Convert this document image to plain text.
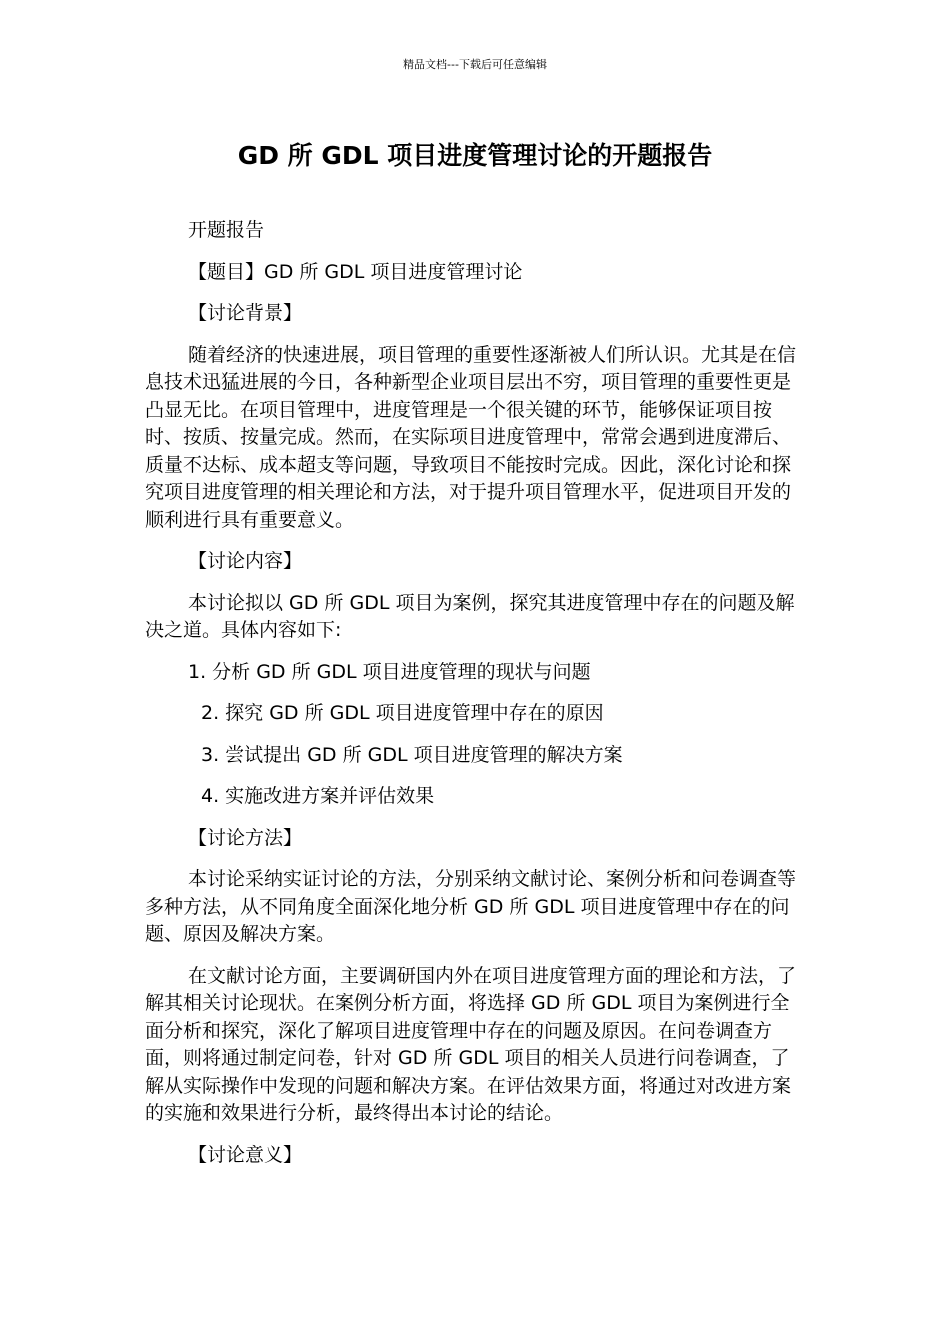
精品文档---下载后可任意编辑
GD 所 GDL 项目进度管理讨论的开题报告

开题报告

【题目】GD 所 GDL 项目进度管理讨论

【讨论背景】

随着经济的快速进展，项目管理的重要性逐渐被人们所认识。尤其是在信息技术迅猛进展的今日，各种新型企业项目层出不穷，项目管理的重要性更是凸显无比。在项目管理中，进度管理是一个很关键的环节，能够保证项目按时、按质、按量完成。然而，在实际项目进度管理中，常常会遇到进度滞后、质量不达标、成本超支等问题，导致项目不能按时完成。因此，深化讨论和探究项目进度管理的相关理论和方法，对于提升项目管理水平，促进项目开发的顺利进行具有重要意义。

【讨论内容】

本讨论拟以 GD 所 GDL 项目为案例，探究其进度管理中存在的问题及解决之道。具体内容如下:

1. 分析 GD 所 GDL 项目进度管理的现状与问题
2. 探究 GD 所 GDL 项目进度管理中存在的原因
3. 尝试提出 GD 所 GDL 项目进度管理的解决方案
4. 实施改进方案并评估效果

【讨论方法】

本讨论采纳实证讨论的方法，分别采纳文献讨论、案例分析和问卷调查等多种方法，从不同角度全面深化地分析 GD 所 GDL 项目进度管理中存在的问题、原因及解决方案。

在文献讨论方面，主要调研国内外在项目进度管理方面的理论和方法，了解其相关讨论现状。在案例分析方面，将选择 GD 所 GDL 项目为案例进行全面分析和探究，深化了解项目进度管理中存在的问题及原因。在问卷调查方面，则将通过制定问卷，针对 GD 所 GDL 项目的相关人员进行问卷调查，了解从实际操作中发现的问题和解决方案。在评估效果方面，将通过对改进方案的实施和效果进行分析，最终得出本讨论的结论。

【讨论意义】
